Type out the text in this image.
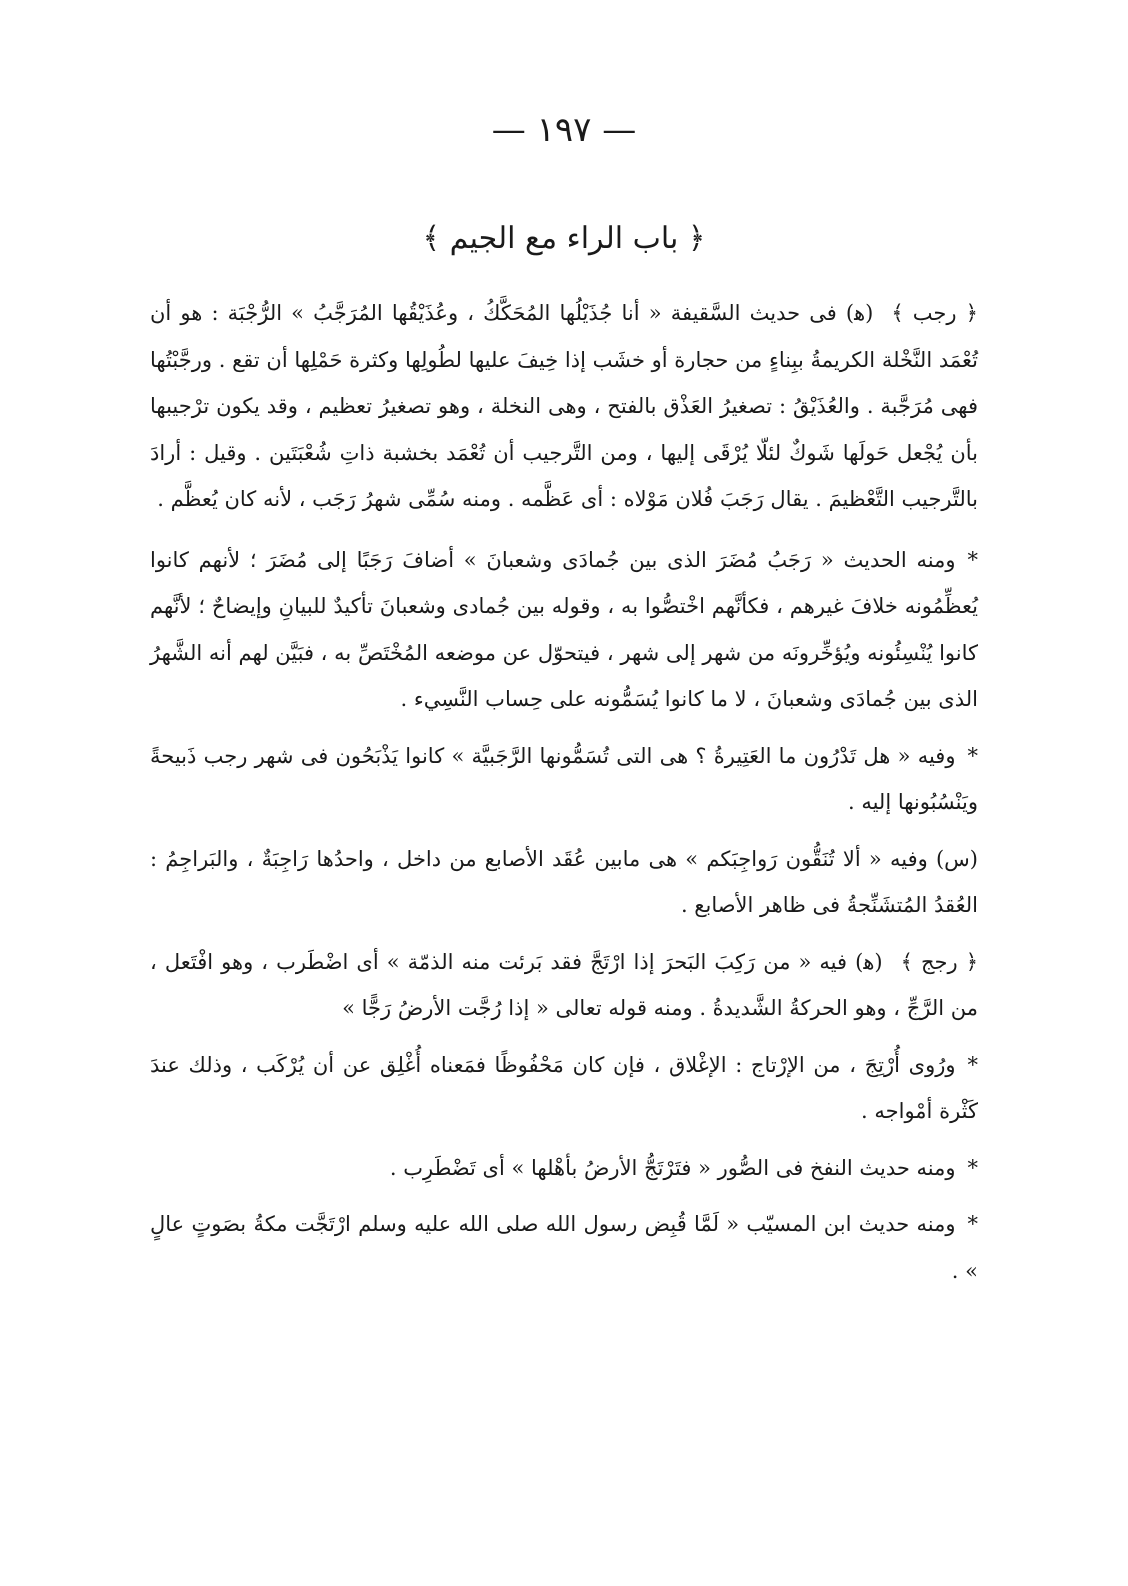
— ١٩٧ —
﴿ باب الراء مع الجيم ﴾

﴿ رجب ﴾(ﻫ) فى حديث السَّقيفة « أنا جُذَيْلُها المُحَكَّكُ ، وعُذَيْقُها المُرَجَّبُ » الرُّجْبَة : هو أن تُعْمَد النَّخْلة الكريمةُ ببِناءٍ من حجارة أو خشَب إذا خِيفَ عليها لطُولِها وكثرة حَمْلِها أن تقع . ورجَّبْتُها فهى مُرَجَّبة . والعُذَيْقُ : تصغيرُ العَذْق بالفتح ، وهى النخلة ، وهو تصغيرُ تعظيم ، وقد يكون ترْجيبها بأن يُجْعل حَولَها شَوكٌ لئلّا يُرْقَى إليها ، ومن التَّرجيب أن تُعْمَد بخشبة ذاتِ شُعْبَتَين . وقيل : أرادَ بالتَّرجيب التَّعْظيمَ . يقال رَجَبَ فُلان مَوْلاه : أى عَظَّمه . ومنه سُمِّى شهرُ رَجَب ، لأنه كان يُعظَّم .

*ومنه الحديث « رَجَبُ مُضَرَ الذى بين جُمادَى وشعبانَ » أضافَ رَجَبًا إلى مُضَرَ ؛ لأنهم كانوا يُعظِّمُونه خلافَ غيرهم ، فكأنَّهم اخْتصُّوا به ، وقوله بين جُمادى وشعبانَ تأكيدٌ للبيانِ وإيضاحٌ ؛ لأنَّهم كانوا يُنْسِئُونه ويُؤخِّرونَه من شهر إلى شهر ، فيتحوّل عن موضعه المُخْتَصِّ به ، فبَيَّن لهم أنه الشَّهرُ الذى بين جُمادَى وشعبانَ ، لا ما كانوا يُسَمُّونه على حِساب النَّسِيء .

*وفيه « هل تَدْرُون ما العَتِيرةُ ؟ هى التى تُسَمُّونها الرَّجَبيَّة » كانوا يَذْبَحُون فى شهر رجب ذَبيحةً ويَنْسُبُونها إليه .

(س) وفيه « ألا تُنَقُّون رَواجِبَكم » هى مابين عُقَد الأصابع من داخل ، واحدُها رَاجِبَةٌ ، والبَراجِمُ : العُقدُ المُتشَنِّجةُ فى ظاهر الأصابع .

﴿ رجج ﴾(ﻫ) فيه « من رَكِبَ البَحرَ إذا ارْتَجَّ فقد بَرئت منه الذمّة » أى اضْطَرب ، وهو افْتَعل ، من الرَّجِّ ، وهو الحركةُ الشَّديدةُ . ومنه قوله تعالى « إذا رُجَّت الأرضُ رَجًّا »

*ورُوى أُرْتِجَ ، من الإرْتاج : الإغْلاق ، فإن كان مَحْفُوظًا فمَعناه أُغْلِق عن أن يُرْكَب ، وذلك عندَ كَثْرة أمْواجه .

*ومنه حديث النفخ فى الصُّور « فتَرْتَجُّ الأرضُ بأهْلها » أى تَضْطَرِب .

*ومنه حديث ابن المسيّب « لَمَّا قُبِض رسول الله صلى الله عليه وسلم ارْتَجَّت مكةُ بصَوتٍ عالٍ » .
